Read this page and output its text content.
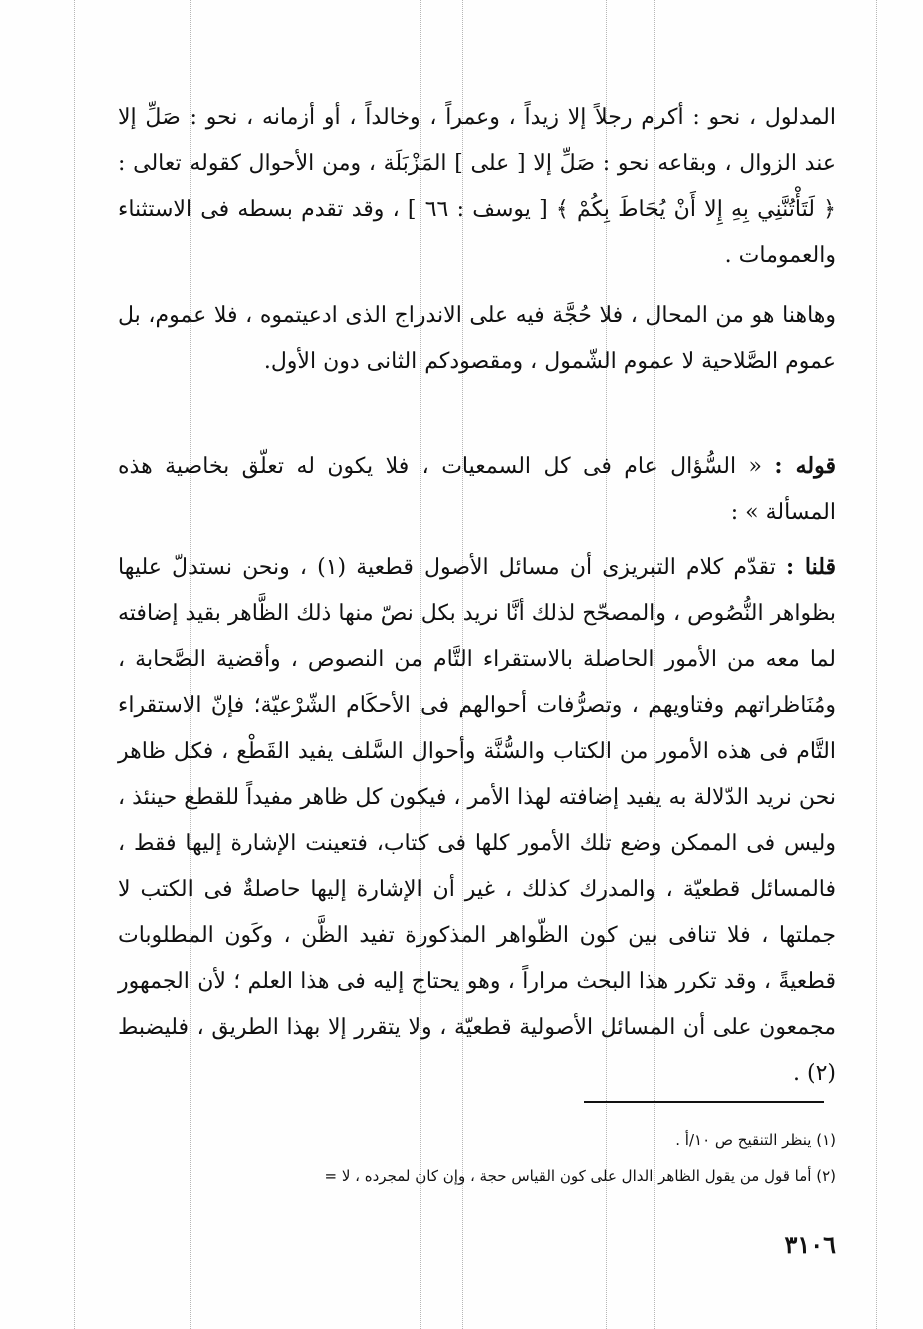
المدلول ، نحو : أكرم رجلاً إلا زيداً ، وعمراً ، وخالداً ، أو أزمانه ، نحو : صَلِّ إلا عند الزوال ، وبقاعه نحو : صَلِّ إلا [ على ] المَزْبَلَة ، ومن الأحوال كقوله تعالى : ﴿ لَتَأْتُنَّنِي بِهِ إِلا أَنْ يُحَاطَ بِكُمْ ﴾ [ يوسف : ٦٦ ] ، وقد تقدم بسطه فى الاستثناء والعمومات .

وهاهنا هو من المحال ، فلا حُجَّة فيه على الاندراج الذى ادعيتموه ، فلا عموم، بل عموم الصَّلاحية لا عموم الشّمول ، ومقصودكم الثانى دون الأول.

قوله : « السُّؤال عام فى كل السمعيات ، فلا يكون له تعلّق بخاصية هذه المسألة » :

قلنا : تقدّم كلام التبريزى أن مسائل الأصول قطعية (١) ، ونحن نستدلّ عليها بظواهر النُّصُوص ، والمصحّح لذلك أنَّا نريد بكل نصّ منها ذلك الظَّاهر بقيد إضافته لما معه من الأمور الحاصلة بالاستقراء التَّام من النصوص ، وأقضية الصَّحابة ، ومُنَاظراتهم وفتاويهم ، وتصرُّفات أحوالهم فى الأحكَام الشّرْعيّة؛ فإنّ الاستقراء التَّام فى هذه الأمور من الكتاب والسُّنَّة وأحوال السَّلف يفيد القَطْع ، فكل ظاهر نحن نريد الدّلالة به يفيد إضافته لهذا الأمر ، فيكون كل ظاهر مفيداً للقطع حينئذ ، وليس فى الممكن وضع تلك الأمور كلها فى كتاب، فتعينت الإشارة إليها فقط ، فالمسائل قطعيّة ، والمدرك كذلك ، غير أن الإشارة إليها حاصلةٌ فى الكتب لا جملتها ، فلا تنافى بين كون الظّواهر المذكورة تفيد الظَّن ، وكَون المطلوبات قطعيةً ، وقد تكرر هذا البحث مراراً ، وهو يحتاج إليه فى هذا العلم ؛ لأن الجمهور مجمعون على أن المسائل الأصولية قطعيّة ، ولا يتقرر إلا بهذا الطريق ، فليضبط (٢) .

(١) ينظر التنقيح ص ١٠/أ .
(٢) أما قول من يقول الظاهر الدال على كون القياس حجة ، وإن كان لمجرده ، لا =
٣١٠٦
